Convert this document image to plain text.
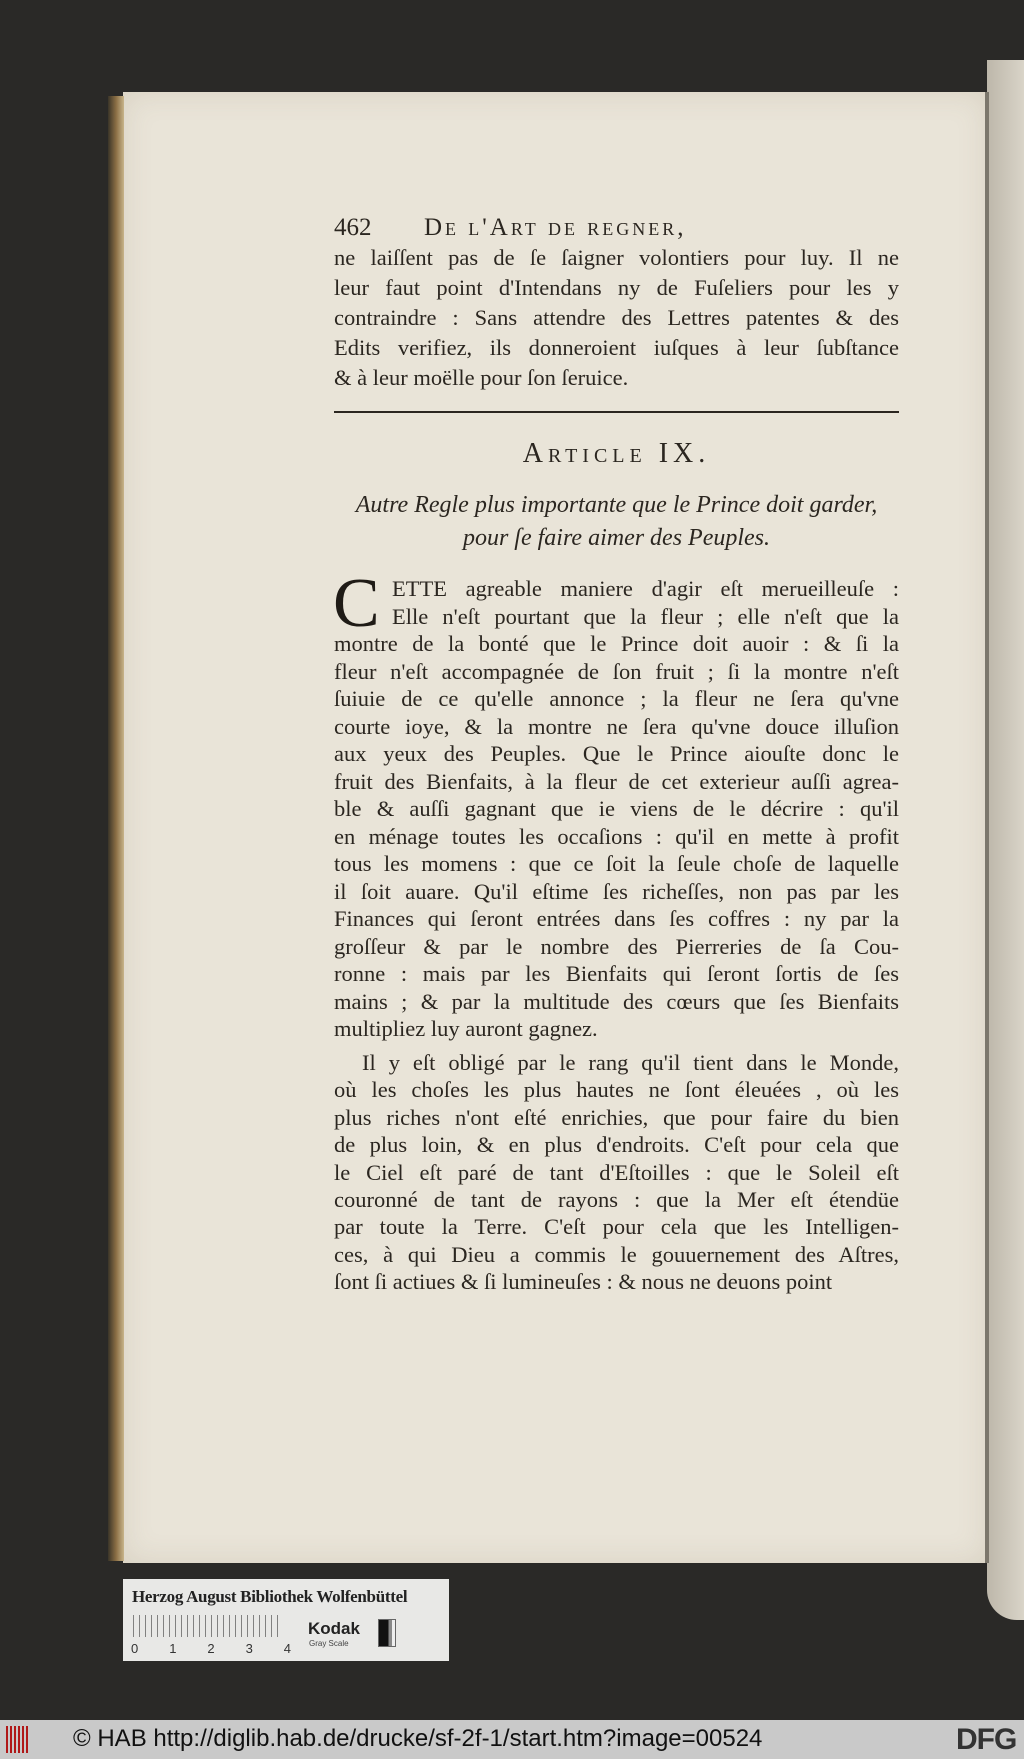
462 De l'Art de regner,
ne laiſſent pas de ſe ſaigner volontiers pour luy. Il ne
leur faut point d'Intendans ny de Fuſeliers pour les y
contraindre : Sans attendre des Lettres patentes & des
Edits verifiez, ils donneroient iuſques à leur ſubſtance
& à leur moëlle pour ſon ſeruice.
Article IX.
Autre Regle plus importante que le Prince doit garder,
pour ſe faire aimer des Peuples.
C ETTE agreable maniere d'agir eſt merueilleuſe :
Elle n'eſt pourtant que la fleur ; elle n'eſt que la
montre de la bonté que le Prince doit auoir : & ſi la
fleur n'eſt accompagnée de ſon fruit ; ſi la montre n'eſt
ſuiuie de ce qu'elle annonce ; la fleur ne ſera qu'vne
courte ioye, & la montre ne ſera qu'vne douce illuſion
aux yeux des Peuples. Que le Prince aiouſte donc le
fruit des Bienfaits, à la fleur de cet exterieur auſſi agrea-
ble & auſſi gagnant que ie viens de le décrire : qu'il
en ménage toutes les occaſions : qu'il en mette à profit
tous les momens : que ce ſoit la ſeule choſe de laquelle
il ſoit auare. Qu'il eſtime ſes richeſſes, non pas par les
Finances qui ſeront entrées dans ſes coffres : ny par la
groſſeur & par le nombre des Pierreries de ſa Cou-
ronne : mais par les Bienfaits qui ſeront ſortis de ſes
mains ; & par la multitude des cœurs que ſes Bienfaits
multipliez luy auront gagnez.
Il y eſt obligé par le rang qu'il tient dans le Monde,
où les choſes les plus hautes ne ſont éleuées , où les
plus riches n'ont eſté enrichies, que pour faire du bien
de plus loin, & en plus d'endroits. C'eſt pour cela que
le Ciel eſt paré de tant d'Eſtoilles : que le Soleil eſt
couronné de tant de rayons : que la Mer eſt étendüe
par toute la Terre. C'eſt pour cela que les Intelligen-
ces, à qui Dieu a commis le gouuernement des Aſtres,
ſont ſi actiues & ſi lumineuſes : & nous ne deuons point
Herzog August Bibliothek Wolfenbüttel
0 1 2 3 4
Kodak
Gray Scale
© HAB http://diglib.hab.de/drucke/sf-2f-1/start.htm?image=00524	DFG
